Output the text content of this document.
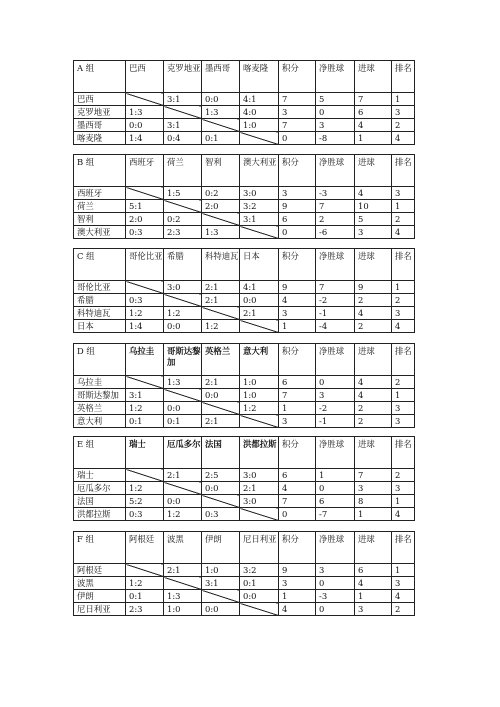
A 组	巴西	克罗地亚	墨西哥	喀麦隆	积分	净胜球	进球	排名
巴西		3:1	0:0	4:1	7	5	7	1
克罗地亚	1:3		1:3	4:0	3	0	6	3
墨西哥	0:0	3:1		1:0	7	3	4	2
喀麦隆	1:4	0:4	0:1		0	-8	1	4
B 组	西班牙	荷兰	智利	澳大利亚	积分	净胜球	进球	排名
西班牙		1:5	0:2	3:0	3	-3	4	3
荷兰	5:1		2:0	3:2	9	7	10	1
智利	2:0	0:2		3:1	6	2	5	2
澳大利亚	0:3	2:3	1:3		0	-6	3	4
C 组	哥伦比亚	希腊	科特迪瓦	日本	积分	净胜球	进球	排名
哥伦比亚		3:0	2:1	4:1	9	7	9	1
希腊	0:3		2:1	0:0	4	-2	2	2
科特迪瓦	1:2	1:2		2:1	3	-1	4	3
日本	1:4	0:0	1:2		1	-4	2	4
D 组	乌拉圭	哥斯达黎加	英格兰	意大利	积分	净胜球	进球	排名
乌拉圭		1:3	2:1	1:0	6	0	4	2
哥斯达黎加	3:1		0:0	1:0	7	3	4	1
英格兰	1:2	0:0		1:2	1	-2	2	3
意大利	0:1	0:1	2:1		3	-1	2	3
E 组	瑞士	厄瓜多尔	法国	洪都拉斯	积分	净胜球	进球	排名
瑞士		2:1	2:5	3:0	6	1	7	2
厄瓜多尔	1:2		0:0	2:1	4	0	3	3
法国	5:2	0:0		3:0	7	6	8	1
洪都拉斯	0:3	1:2	0:3		0	-7	1	4
F 组	阿根廷	波黑	伊朗	尼日利亚	积分	净胜球	进球	排名
阿根廷		2:1	1:0	3:2	9	3	6	1
波黑	1:2		3:1	0:1	3	0	4	3
伊朗	0:1	1:3		0:0	1	-3	1	4
尼日利亚	2:3	1:0	0:0		4	0	3	2
